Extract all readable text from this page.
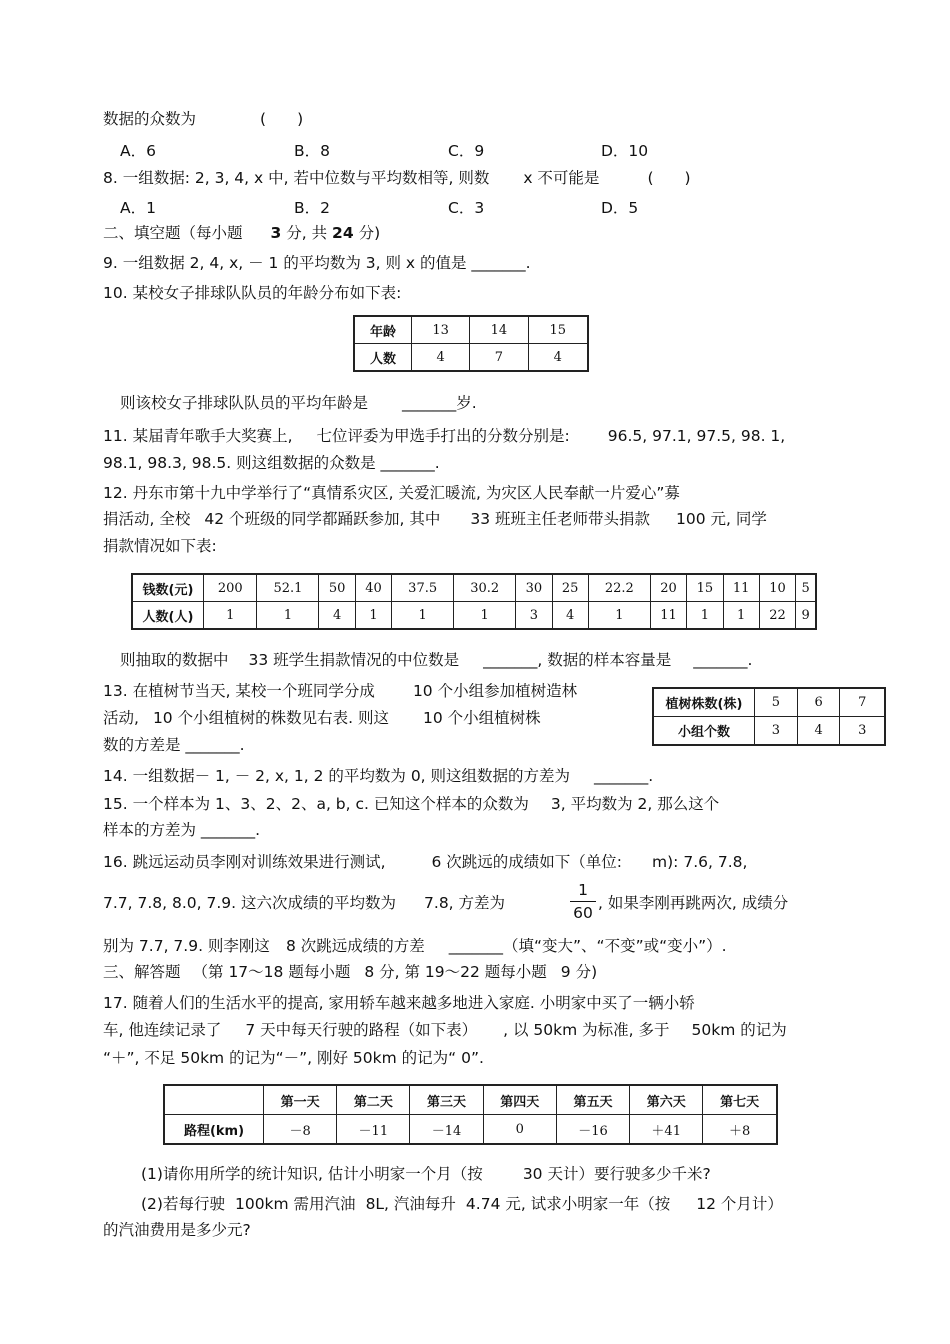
数据的众数为	(　　)
A．6	B．8	C．9	D．10
8. 一组数据: 2, 3, 4, x 中, 若中位数与平均数相等, 则数 x 不可能是	(　　)
A．1	B．2	C．3	D．5
二、填空题（每小题 3 分, 共 24 分)
9. 一组数据 2, 4, x, － 1 的平均数为 3, 则 x 的值是 _______.
10. 某校女子排球队队员的年龄分布如下表:
年龄	13	14	15
人数	4	7	4
则该校女子排球队队员的平均年龄是 _______岁.
11. 某届青年歌手大奖赛上, 七位评委为甲选手打出的分数分别是: 96.5, 97.1, 97.5, 98. 1,
98.1, 98.3, 98.5. 则这组数据的众数是 _______.
12. 丹东市第十九中学举行了“真情系灾区, 关爱汇暖流, 为灾区人民奉献一片爱心”募
捐活动, 全校 42 个班级的同学都踊跃参加, 其中 33 班班主任老师带头捐款 100 元, 同学
捐款情况如下表:
钱数(元)	200	52.1	50	40	37.5	30.2	30	25	22.2	20	15	11	10	5
人数(人)	1	1	4	1	1	1	3	4	1	11	1	1	22	9
则抽取的数据中 33 班学生捐款情况的中位数是 _______, 数据的样本容量是 _______.
13. 在植树节当天, 某校一个班同学分成 10 个小组参加植树造林
活动, 10 个小组植树的株数见右表. 则这 10 个小组植树株
数的方差是 _______.
植树株数(株)	5	6	7
小组个数	3	4	3
14. 一组数据－ 1, － 2, x, 1, 2 的平均数为 0, 则这组数据的方差为 _______.
15. 一个样本为 1、3、2、2、a, b, c. 已知这个样本的众数为 3, 平均数为 2, 那么这个
样本的方差为 _______.
16. 跳远运动员李刚对训练效果进行测试,	6 次跳远的成绩如下（单位: m): 7.6, 7.8,
7.7, 7.8, 8.0, 7.9. 这六次成绩的平均数为 7.8, 方差为
1
60
, 如果李刚再跳两次, 成绩分
别为 7.7, 7.9. 则李刚这 8 次跳远成绩的方差 _______（填“变大”、“不变”或“变小”）.
三、解答题 （第 17～18 题每小题 8 分, 第 19～22 题每小题 9 分)
17. 随着人们的生活水平的提高, 家用轿车越来越多地进入家庭. 小明家中买了一辆小轿
车, 他连续记录了 7 天中每天行驶的路程（如下表） , 以 50km 为标准, 多于 50km 的记为
“＋”, 不足 50km 的记为“－”, 刚好 50km 的记为“ 0”.
	第一天	第二天	第三天	第四天	第五天	第六天	第七天
路程(km)	－8	－11	－14	0	－16	＋41	＋8
(1)请你用所学的统计知识, 估计小明家一个月（按	30 天计）要行驶多少千米?
(2)若每行驶 100km 需用汽油 8L, 汽油每升 4.74 元, 试求小明家一年（按 12 个月计）
的汽油费用是多少元?
